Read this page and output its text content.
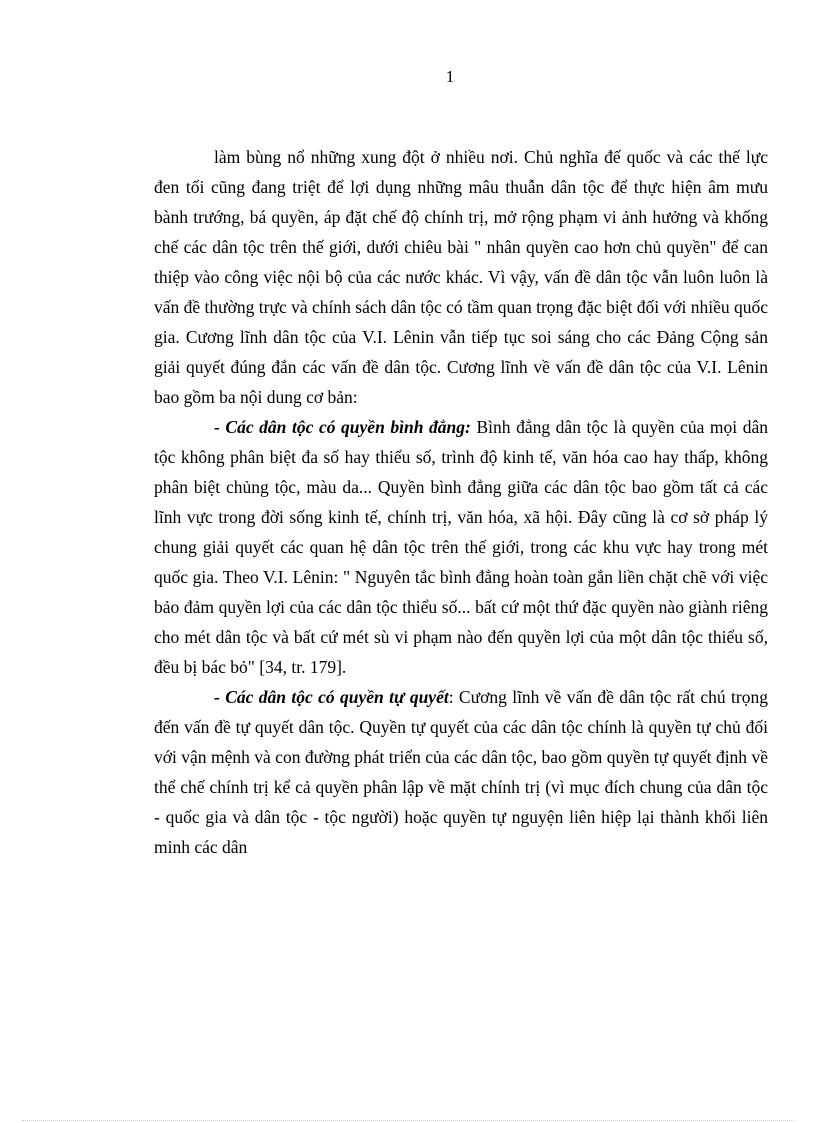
1

làm bùng nổ những xung đột ở nhiều nơi. Chủ nghĩa đế quốc và các thế lực đen tối cũng đang triệt để lợi dụng những mâu thuẫn dân tộc để thực hiện âm mưu bành trướng, bá quyền, áp đặt chế độ chính trị, mở rộng phạm vi ảnh hưởng và khống chế các dân tộc trên thế giới, dưới chiêu bài " nhân quyền cao hơn chủ quyền" để can thiệp vào công việc nội bộ của các nước khác. Vì vậy, vấn đề dân tộc vẫn luôn luôn là vấn đề thường trực và chính sách dân tộc có tầm quan trọng đặc biệt đối với nhiều quốc gia. Cương lĩnh dân tộc của V.I. Lênin vẫn tiếp tục soi sáng cho các Đảng Cộng sản giải quyết đúng đắn các vấn đề dân tộc. Cương lĩnh về vấn đề dân tộc của V.I. Lênin bao gồm ba nội dung cơ bản:

- Các dân tộc có quyền bình đẳng: Bình đẳng dân tộc là quyền của mọi dân tộc không phân biệt đa số hay thiểu số, trình độ kinh tế, văn hóa cao hay thấp, không phân biệt chủng tộc, màu da... Quyền bình đẳng giữa các dân tộc bao gồm tất cả các lĩnh vực trong đời sống kinh tế, chính trị, văn hóa, xã hội. Đây cũng là cơ sở pháp lý chung giải quyết các quan hệ dân tộc trên thế giới, trong các khu vực hay trong mét quốc gia. Theo V.I. Lênin: " Nguyên tắc bình đẳng hoàn toàn gắn liền chặt chẽ với việc bảo đảm quyền lợi của các dân tộc thiểu số... bất cứ một thứ đặc quyền nào giành riêng cho mét dân tộc và bất cứ mét sù vi phạm nào đến quyền lợi của một dân tộc thiểu số, đều bị bác bỏ" [34, tr. 179].

- Các dân tộc có quyền tự quyết: Cương lĩnh về vấn đề dân tộc rất chú trọng đến vấn đề tự quyết dân tộc. Quyền tự quyết của các dân tộc chính là quyền tự chủ đối với vận mệnh và con đường phát triển của các dân tộc, bao gồm quyền tự quyết định về thể chế chính trị kể cả quyền phân lập về mặt chính trị (vì mục đích chung của dân tộc - quốc gia và dân tộc - tộc người) hoặc quyền tự nguyện liên hiệp lại thành khối liên minh các dân
